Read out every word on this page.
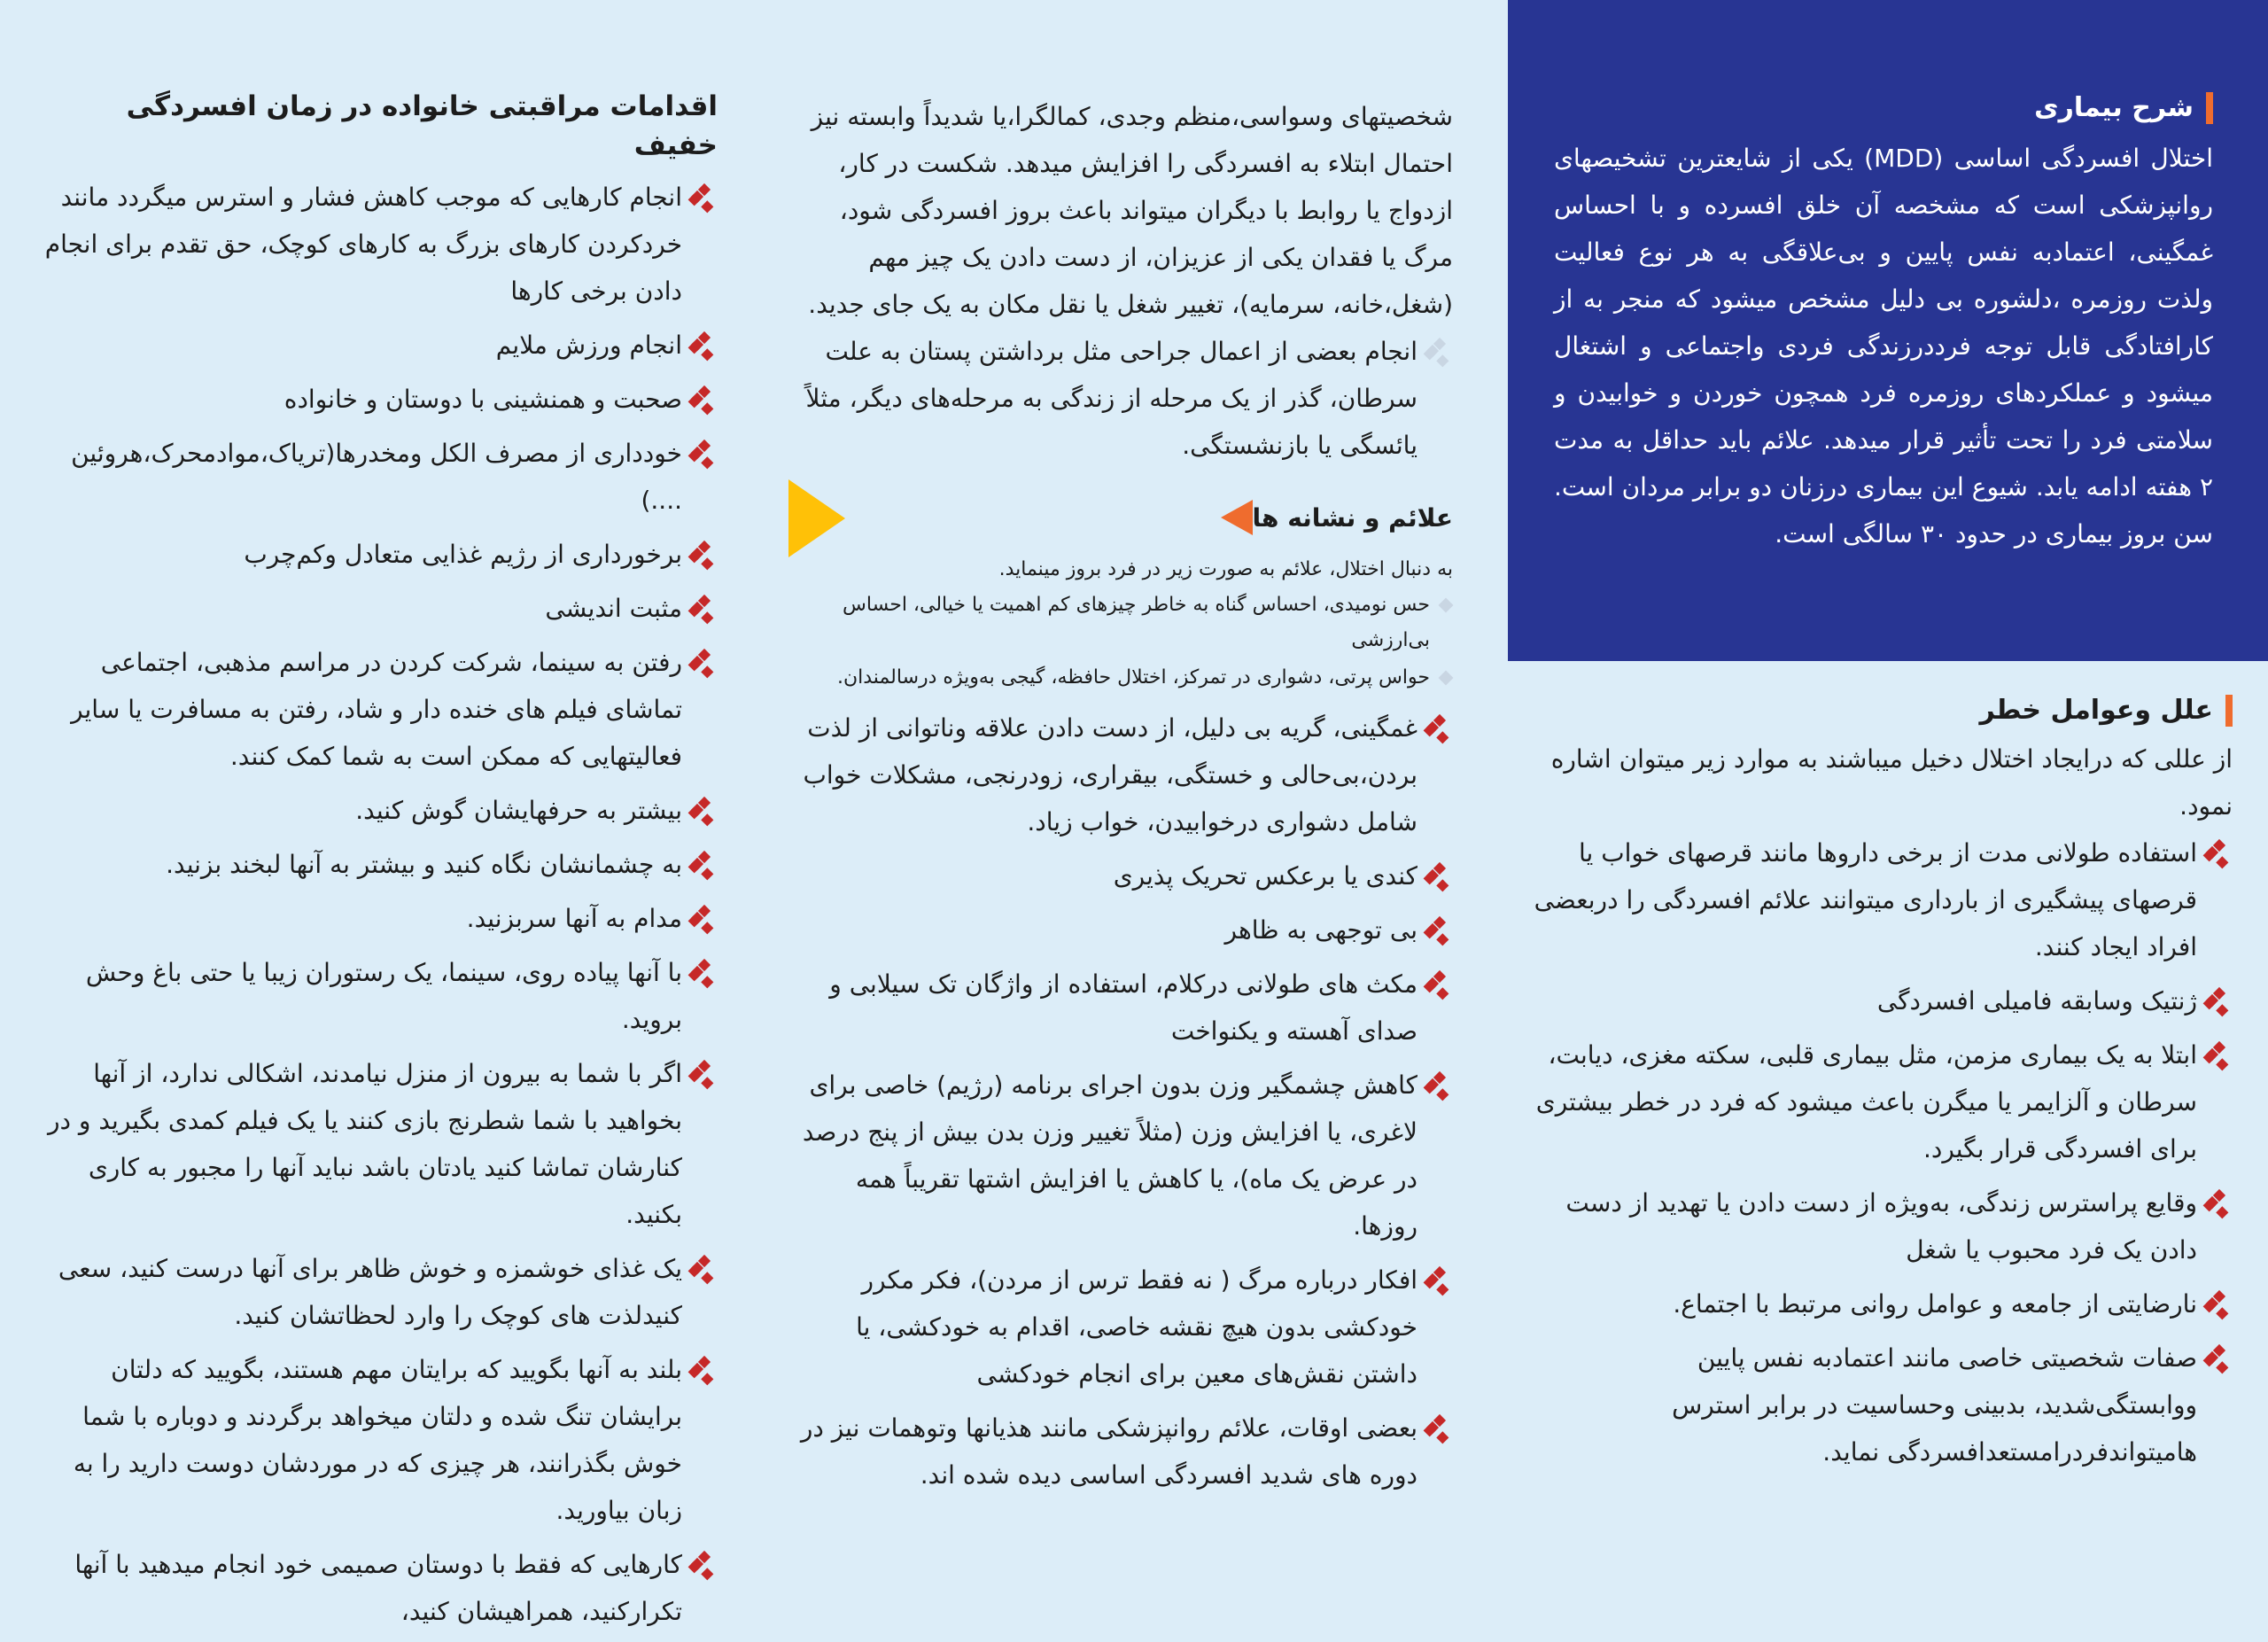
شرح بیماری

اختلال افسردگی اساسی (MDD) یکی از شایعترین تشخیصهای روانپزشکی است که مشخصه آن خلق افسرده و با احساس غمگینی، اعتمادبه نفس پایین و بی‌علاقگی به هر نوع فعالیت ولذت روزمره ،دلشوره بی دلیل مشخص میشود که منجر به از کارافتادگی قابل توجه فرددرزندگی فردی واجتماعی و اشتغال میشود و عملکردهای روزمره فرد همچون خوردن و خوابیدن و سلامتی فرد را تحت تأثیر قرار میدهد. علائم باید حداقل به مدت ۲ هفته ادامه یابد. شیوع این بیماری درزنان دو برابر مردان است. سن بروز بیماری در حدود ۳۰ سالگی است.

علل وعوامل خطر

از عللی که درایجاد اختلال دخیل میباشند به موارد زیر میتوان اشاره نمود.

استفاده طولانی مدت از برخی داروها مانند قرصهای خواب یا قرصهای پیشگیری از بارداری میتوانند علائم افسردگی را دربعضی افراد ایجاد کنند.
ژنتیک وسابقه فامیلی افسردگی
ابتلا به یک بیماری مزمن، مثل بیماری قلبی، سکته مغزی، دیابت، سرطان و آلزایمر یا میگرن باعث میشود که فرد در خطر بیشتری برای افسردگی قرار بگیرد.
وقایع پراسترس زندگی، به‌ویژه از دست دادن یا تهدید از دست دادن یک فرد محبوب یا شغل
نارضایتی از جامعه و عوامل روانی مرتبط با اجتماع.
صفات شخصیتی خاصی مانند اعتمادبه نفس پایین ووابستگی‌شدید، بدبینی وحساسیت در برابر استرس هامیتواندفردرامستعدافسردگی نماید.

شخصیتهای وسواسی،منظم وجدی، کمالگرا،یا شدیداً وابسته نیز احتمال ابتلاء به افسردگی را افزایش میدهد. شکست در کار، ازدواج یا روابط با دیگران میتواند باعث بروز افسردگی شود، مرگ یا فقدان یکی از عزیزان، از دست دادن یک چیز مهم (شغل،خانه، سرمایه)، تغییر شغل یا نقل مکان به یک جای جدید.

انجام بعضی از اعمال جراحی مثل برداشتن پستان به علت سرطان، گذر از یک مرحله از زندگی به مرحله‌های دیگر، مثلاً یائسگی یا بازنشستگی.
علائم و نشانه ها

به دنبال اختلال، علائم به صورت زیر در فرد بروز مینماید.

حس نومیدی، احساس گناه به خاطر چیزهای کم اهمیت یا خیالی، احساس بی‌ارزشی
حواس پرتی، دشواری در تمرکز، اختلال حافظه، گیجی به‌ویژه درسالمندان.
غمگینی، گریه بی دلیل، از دست دادن علاقه وناتوانی از لذت بردن،بی‌حالی و خستگی، بیقراری، زودرنجی، مشکلات خواب شامل دشواری درخوابیدن، خواب زیاد.
کندی یا برعکس تحریک پذیری
بی توجهی به ظاهر
مکث های طولانی درکلام، استفاده از واژگان تک سیلابی و صدای آهسته و یکنواخت
کاهش چشمگیر وزن بدون اجرای برنامه (رژیم) خاصی برای لاغری، یا افزایش وزن (مثلاً تغییر وزن بدن بیش از پنج درصد در عرض یک ماه)، یا کاهش یا افزایش اشتها تقریباً همه روزها.
افکار درباره مرگ ( نه فقط ترس از مردن)، فکر مکرر خودکشی بدون هیچ نقشه خاصی، اقدام به خودکشی، یا داشتن نقش‌های معین برای انجام خودکشی
بعضی اوقات، علائم روانپزشکی مانند هذیانها وتوهمات نیز در دوره های شدید افسردگی اساسی دیده شده اند.
اقدامات مراقبتی خانواده در زمان افسردگی خفیف
انجام کارهایی که موجب کاهش فشار و استرس میگردد مانند خردکردن کارهای بزرگ به کارهای کوچک، حق تقدم برای انجام دادن برخی کارها
انجام ورزش ملایم
صحبت و همنشینی با دوستان و خانواده
خودداری از مصرف الکل ومخدرها(تریاک،موادمحرک،هروئین ....)
برخورداری از رژیم غذایی متعادل وکم‌چرب
مثبت اندیشی
رفتن به سینما، شرکت کردن در مراسم مذهبی، اجتماعی تماشای فیلم های خنده دار و شاد، رفتن به مسافرت یا سایر فعالیتهایی که ممکن است به شما کمک کنند.
بیشتر به حرفهایشان گوش کنید.
به چشمانشان نگاه کنید و بیشتر به آنها لبخند بزنید.
مدام به آنها سربزنید.
با آنها پیاده روی، سینما، یک رستوران زیبا یا حتی باغ وحش بروید.
اگر با شما به بیرون از منزل نیامدند، اشکالی ندارد، از آنها بخواهید با شما شطرنج بازی کنند یا یک فیلم کمدی بگیرید و در کنارشان تماشا کنید یادتان باشد نباید آنها را مجبور به کاری بکنید.
یک غذای خوشمزه و خوش ظاهر برای آنها درست کنید، سعی کنیدلذت های کوچک را وارد لحظاتشان کنید.
بلند به آنها بگویید که برایتان مهم هستند، بگویید که دلتان برایشان تنگ شده و دلتان میخواهد برگردند و دوباره با شما خوش بگذرانند، هر چیزی که در موردشان دوست دارید را به زبان بیاورید.
کارهایی که فقط با دوستان صمیمی خود انجام میدهید با آنها تکرارکنید، همراهیشان کنید،
